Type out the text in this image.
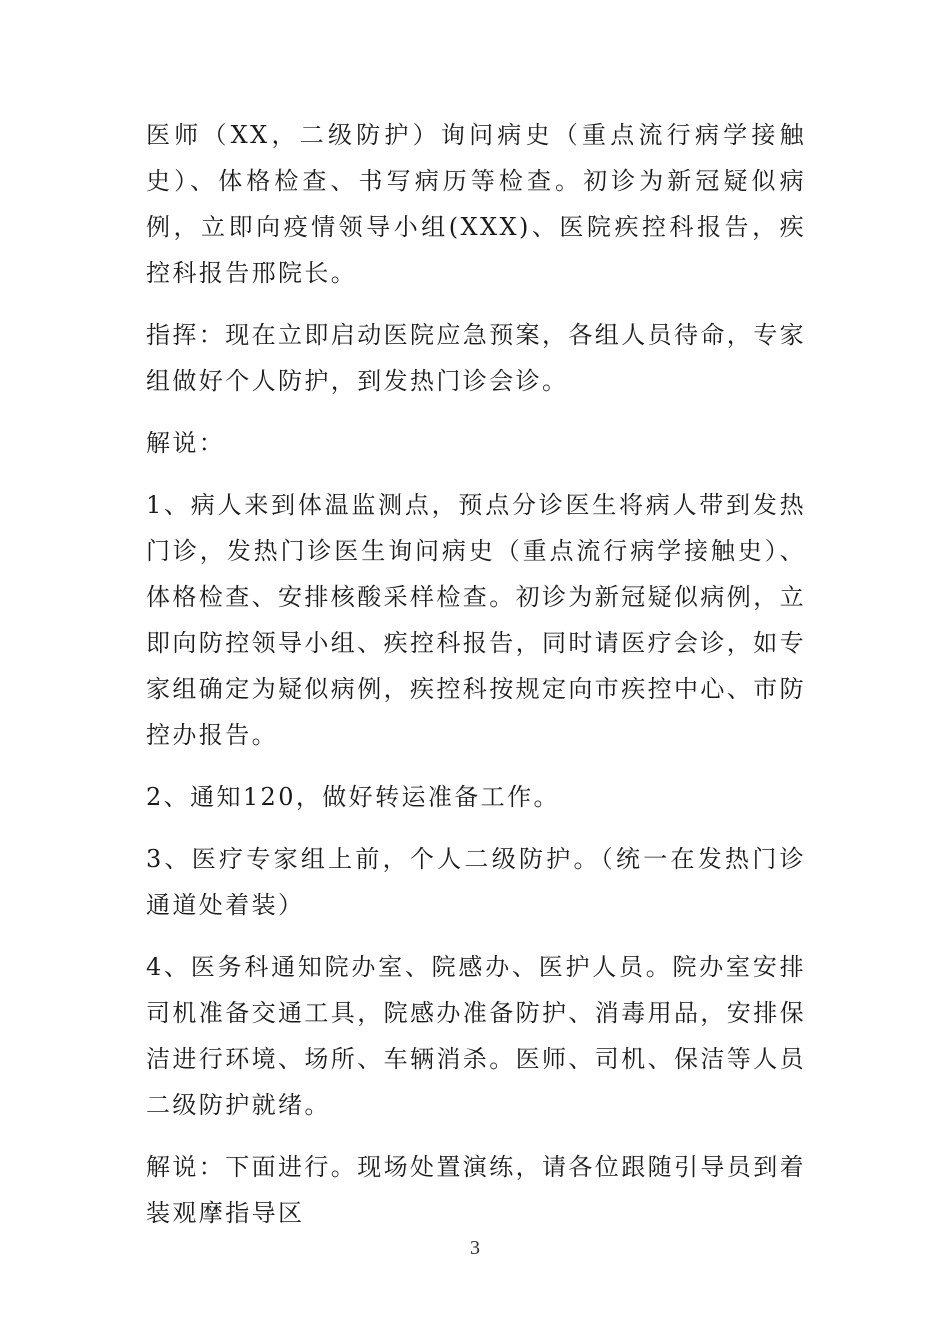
医师（XX，二级防护）询问病史（重点流行病学接触史）、体格检查、书写病历等检查。初诊为新冠疑似病例，立即向疫情领导小组(XXX)、医院疾控科报告，疾控科报告邢院长。

指挥：现在立即启动医院应急预案，各组人员待命，专家组做好个人防护，到发热门诊会诊。

解说：

1、病人来到体温监测点，预点分诊医生将病人带到发热门诊，发热门诊医生询问病史（重点流行病学接触史）、体格检查、安排核酸采样检查。初诊为新冠疑似病例，立即向防控领导小组、疾控科报告，同时请医疗会诊，如专家组确定为疑似病例，疾控科按规定向市疾控中心、市防控办报告。

2、通知120，做好转运准备工作。

3、医疗专家组上前，个人二级防护。（统一在发热门诊通道处着装）

4、医务科通知院办室、院感办、医护人员。院办室安排司机准备交通工具，院感办准备防护、消毒用品，安排保洁进行环境、场所、车辆消杀。医师、司机、保洁等人员二级防护就绪。

解说：下面进行。现场处置演练，请各位跟随引导员到着装观摩指导区

3
